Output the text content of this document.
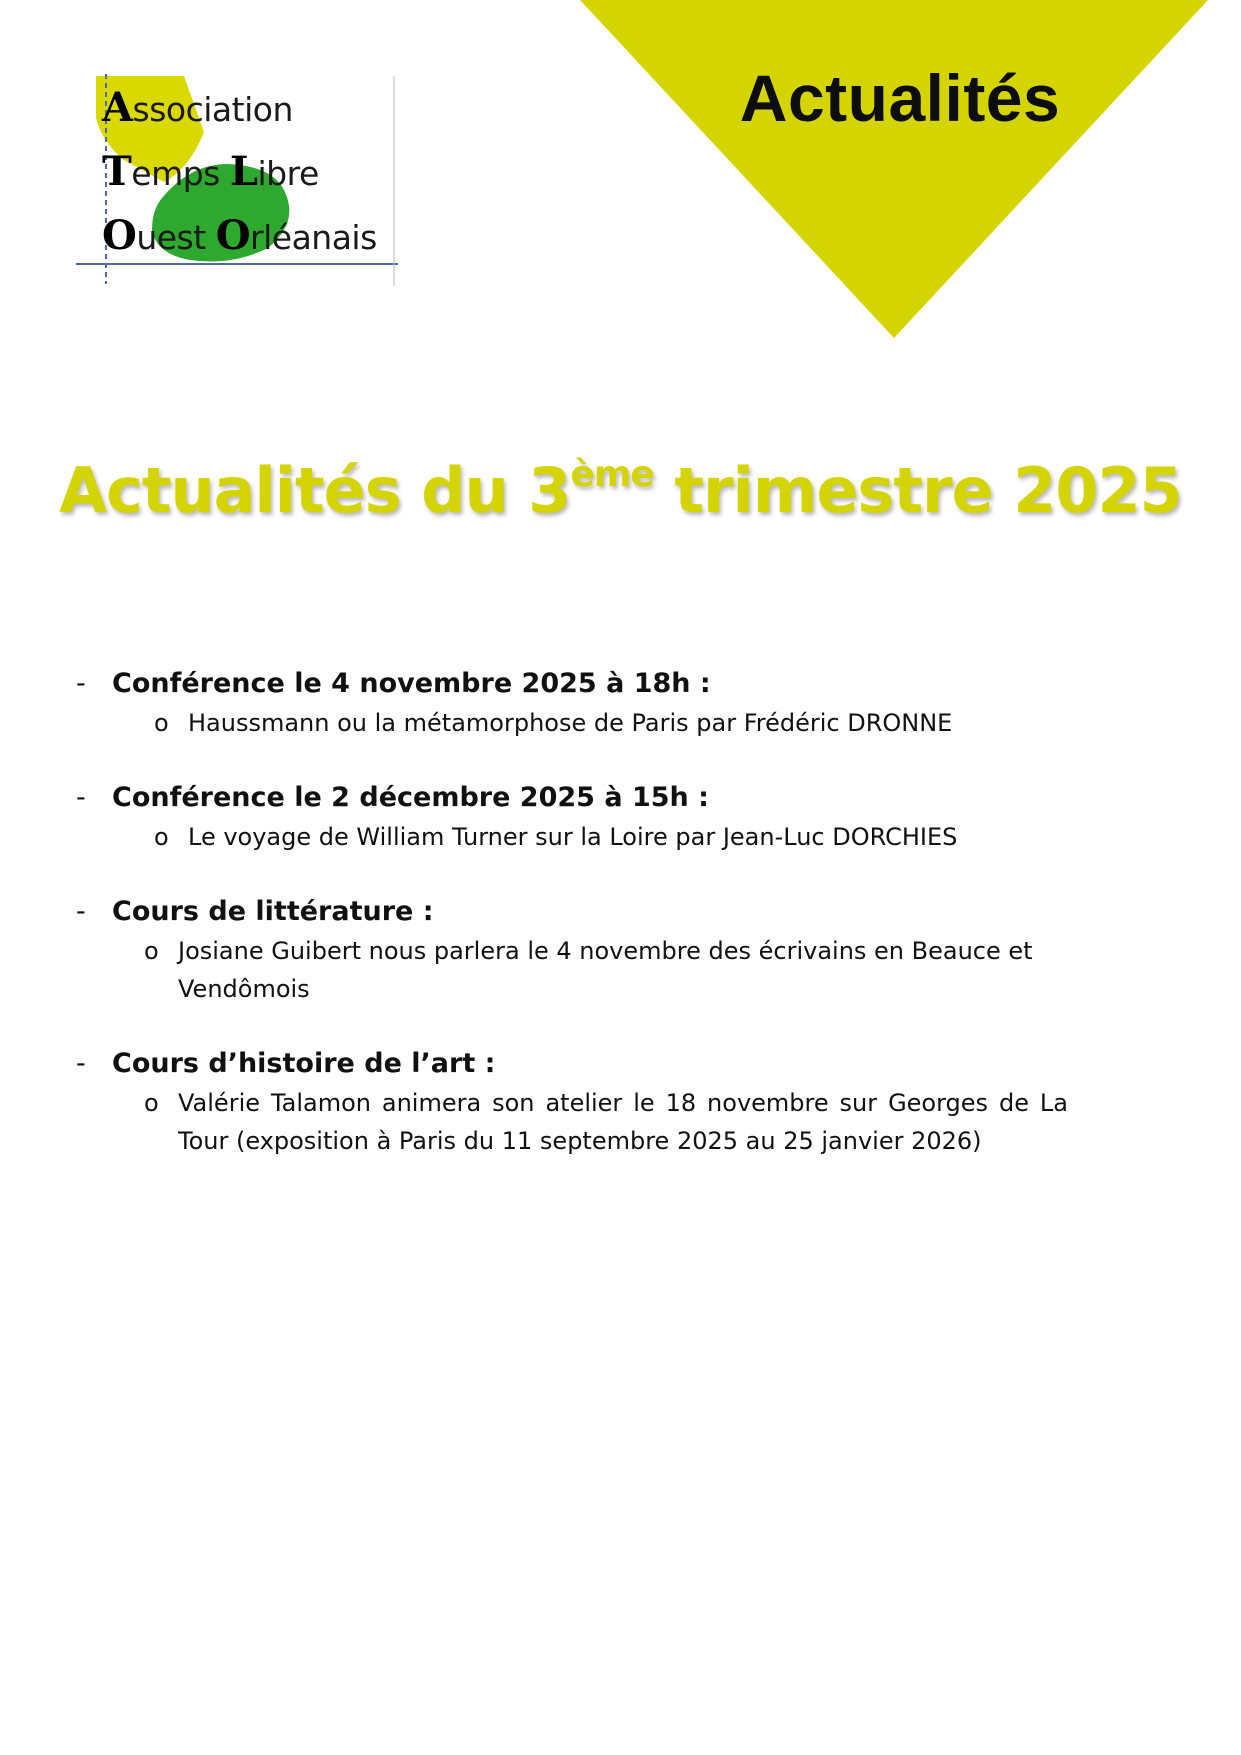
Actualités
Association
Temps Libre
Ouest Orléanais
Actualités du 3ème trimestre 2025
- Conférence le 4 novembre 2025 à 18h :
o Haussmann ou la métamorphose de Paris par Frédéric DRONNE
- Conférence le 2 décembre 2025 à 15h :
o Le voyage de William Turner sur la Loire par Jean-Luc DORCHIES
- Cours de littérature :
o Josiane Guibert nous parlera le 4 novembre des écrivains en Beauce et Vendômois
- Cours d’histoire de l’art :
o Valérie Talamon animera son atelier le 18 novembre sur Georges de La Tour (exposition à Paris du 11 septembre 2025 au 25 janvier 2026)
